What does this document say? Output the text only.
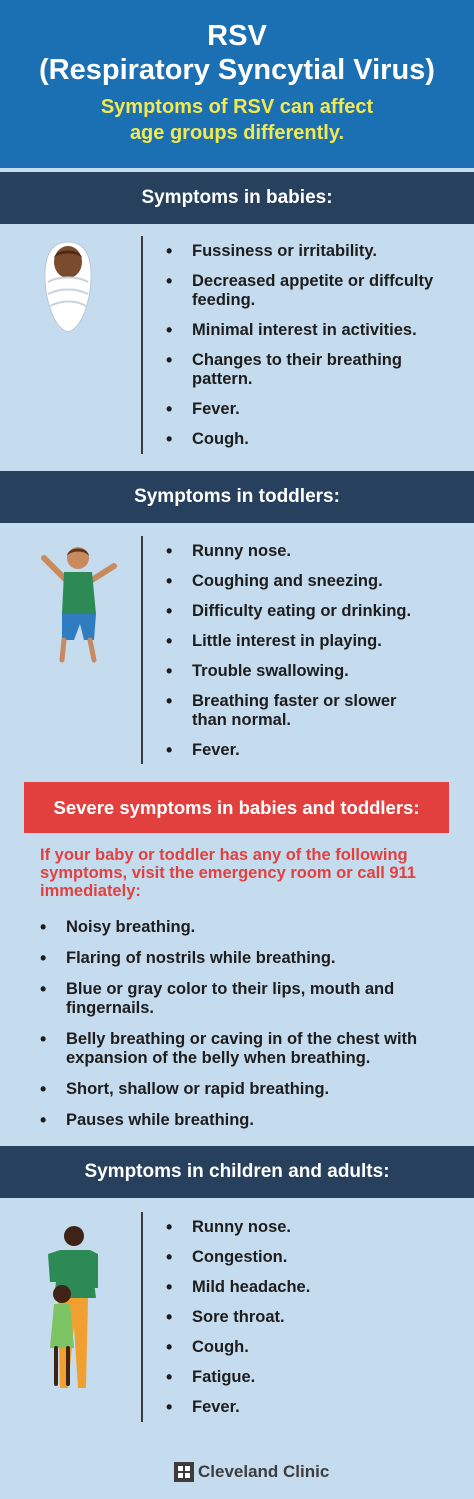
RSV
(Respiratory Syncytial Virus)
Symptoms of RSV can affect
age groups differently.
Symptoms in babies:
• Fussiness or irritability.
• Decreased appetite or diffculty
feeding.
• Minimal interest in activities.
• Changes to their breathing
pattern.
• Fever.
• Cough.
Symptoms in toddlers:
• Runny nose.
• Coughing and sneezing.
• Difficulty eating or drinking.
• Little interest in playing.
• Trouble swallowing.
• Breathing faster or slower
than normal.
• Fever.
Severe symptoms in babies and toddlers:
If your baby or toddler has any of the following
symptoms, visit the emergency room or call 911
immediately:
• Noisy breathing.
• Flaring of nostrils while breathing.
• Blue or gray color to their lips, mouth and
fingernails.
• Belly breathing or caving in of the chest with
expansion of the belly when breathing.
• Short, shallow or rapid breathing.
• Pauses while breathing.
Symptoms in children and adults:
• Runny nose.
• Congestion.
• Mild headache.
• Sore throat.
• Cough.
• Fatigue.
• Fever.
Cleveland Clinic
